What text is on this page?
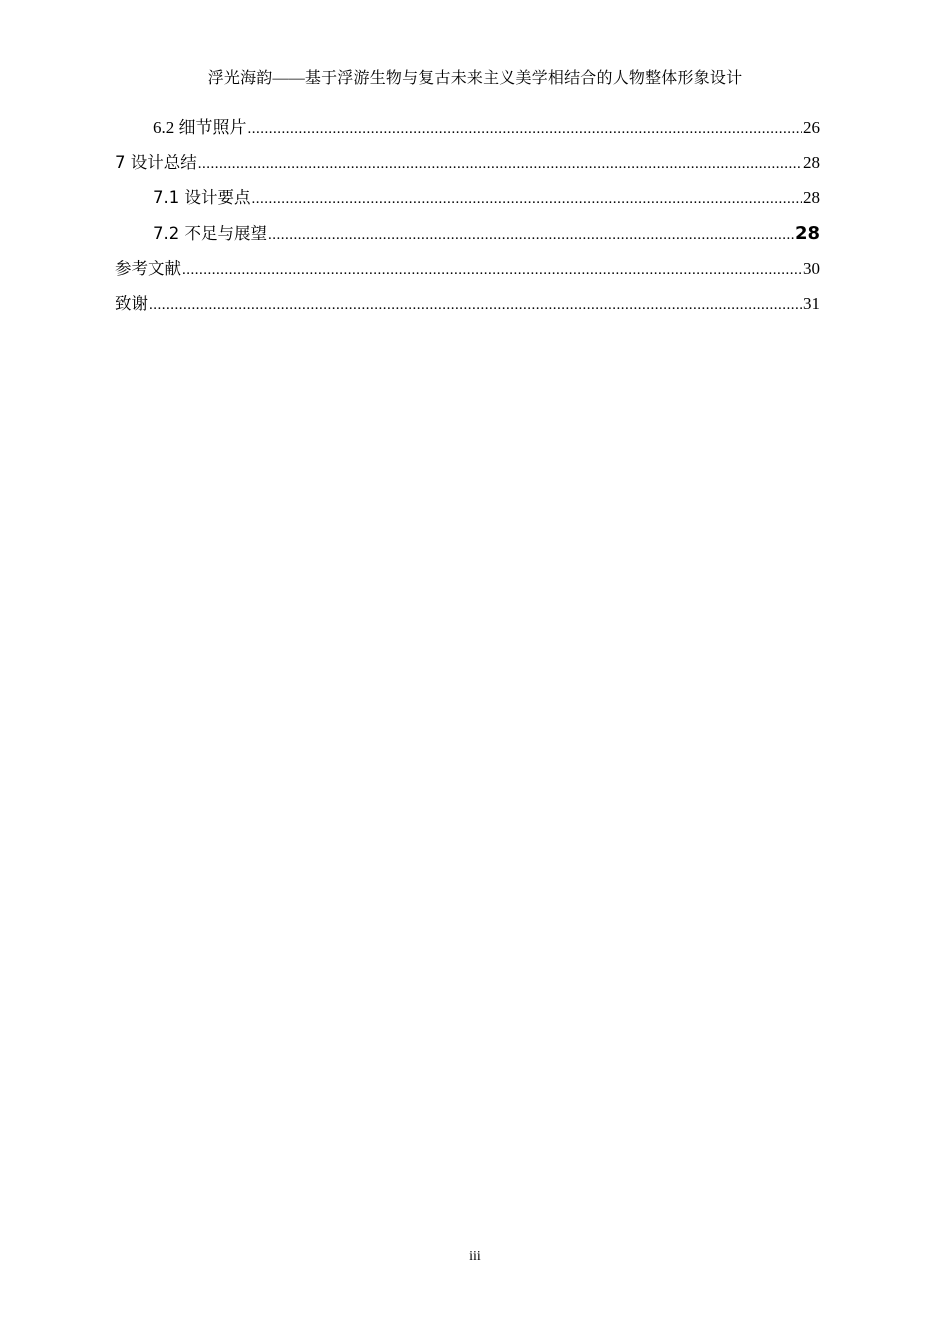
浮光海韵——基于浮游生物与复古未来主义美学相结合的人物整体形象设计
6.2 细节照片 .....	26
7 设计总结 .....	28
7.1 设计要点 .....	28
7.2 不足与展望 .....	28
参考文献 .....	30
致谢 .....	31
iii
